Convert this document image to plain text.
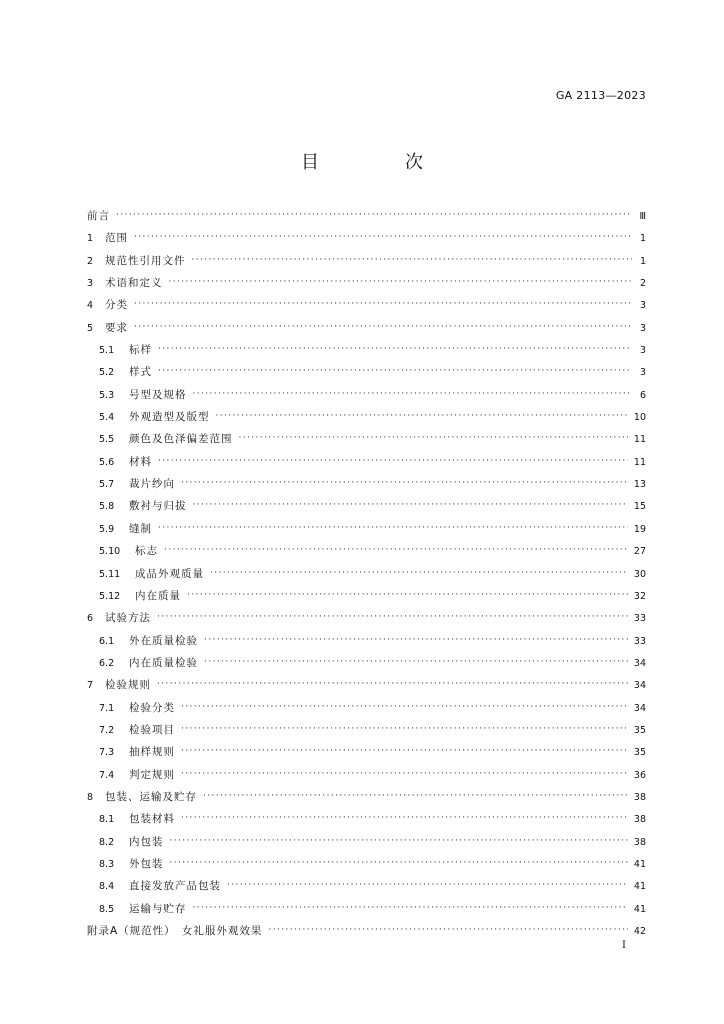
GA 2113—2023
目　次
前言 ·····	Ⅲ
1	范围 ·····	1
2	规范性引用文件 ·····	1
3	术语和定义 ·····	2
4	分类 ·····	3
5	要求 ·····	3
5.1	标样 ·····	3
5.2	样式 ·····	3
5.3	号型及规格 ·····	6
5.4	外观造型及版型 ·····	10
5.5	颜色及色泽偏差范围 ·····	11
5.6	材料 ·····	11
5.7	裁片纱向 ·····	13
5.8	敷衬与归拔 ·····	15
5.9	缝制 ·····	19
5.10	标志 ·····	27
5.11	成品外观质量 ·····	30
5.12	内在质量 ·····	32
6	试验方法 ·····	33
6.1	外在质量检验 ·····	33
6.2	内在质量检验 ·····	34
7	检验规则 ·····	34
7.1	检验分类 ·····	34
7.2	检验项目 ·····	35
7.3	抽样规则 ·····	35
7.4	判定规则 ·····	36
8	包装、运输及贮存 ·····	38
8.1	包装材料 ·····	38
8.2	内包装 ·····	38
8.3	外包装 ·····	41
8.4	直接发放产品包装 ·····	41
8.5	运输与贮存 ·····	41
附录A（规范性）　女礼服外观效果 ·····	42
I
